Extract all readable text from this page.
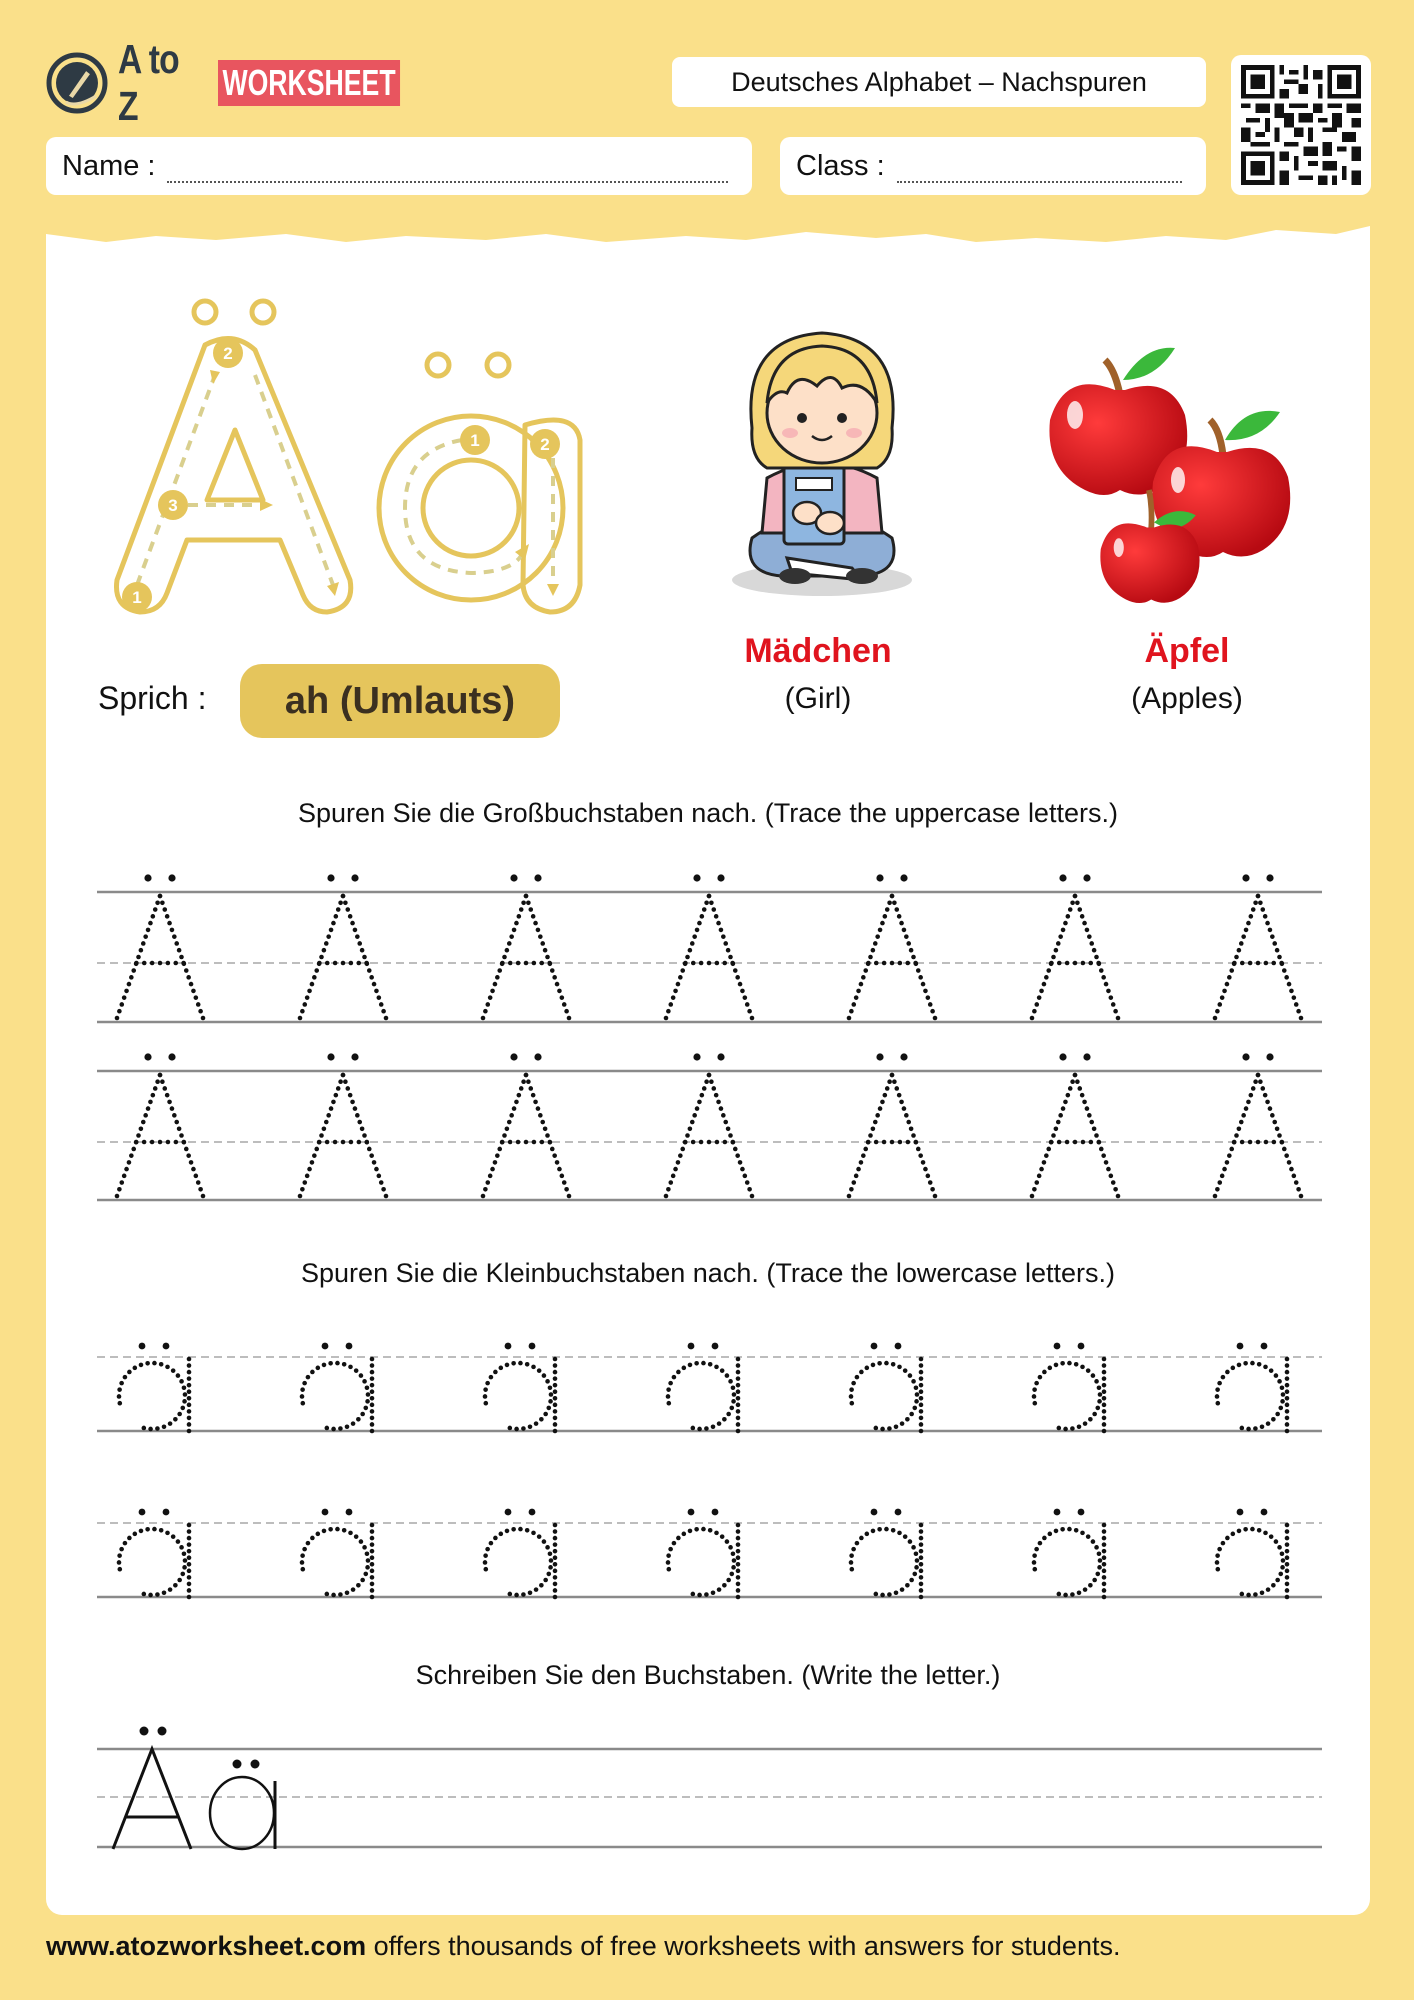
A to Z
WORKSHEET	Deutsches Alphabet – Nachspuren
Name :	Class :
1
2
3
1	2
Sprich : ah (Umlauts)
Mädchen
(Girl)
Äpfel
(Apples)
Spuren Sie die Großbuchstaben nach. (Trace the uppercase letters.)
Spuren Sie die Kleinbuchstaben nach. (Trace the lowercase letters.)
Schreiben Sie den Buchstaben. (Write the letter.)
www.atozworksheet.com offers thousands of free worksheets with answers for students.
